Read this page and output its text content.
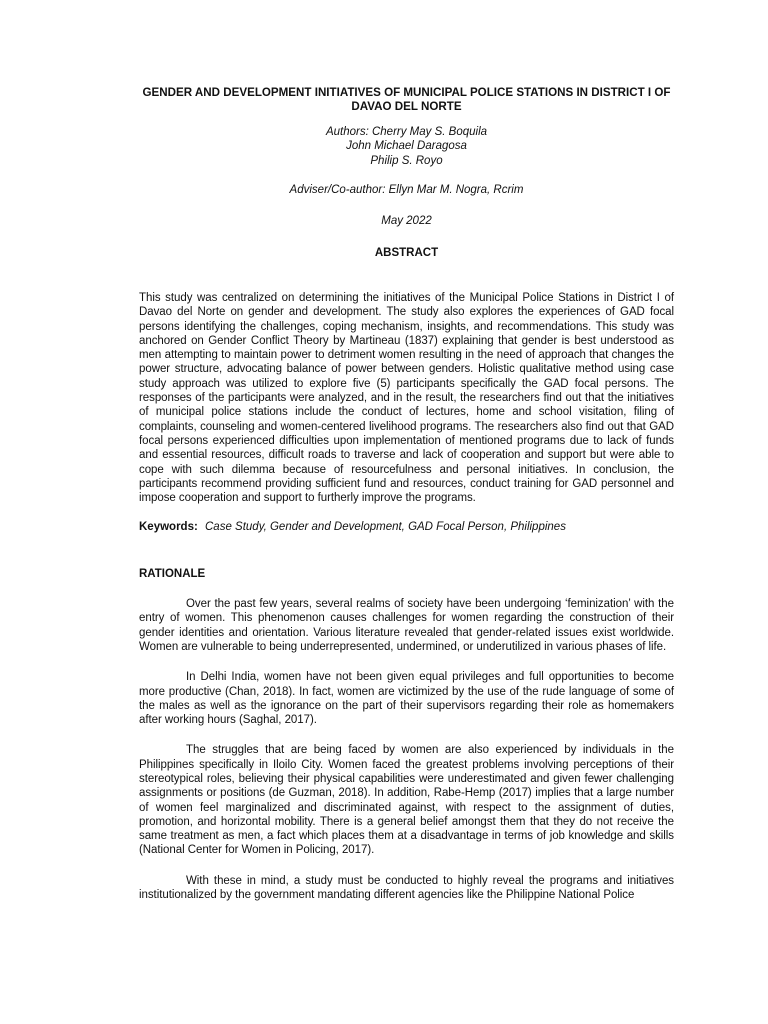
GENDER AND DEVELOPMENT INITIATIVES OF MUNICIPAL POLICE STATIONS IN DISTRICT I OF DAVAO DEL NORTE
Authors: Cherry May S. Boquila
John Michael Daragosa
Philip S. Royo
Adviser/Co-author: Ellyn Mar M. Nogra, Rcrim
May 2022
ABSTRACT
This study was centralized on determining the initiatives of the Municipal Police Stations in District I of Davao del Norte on gender and development. The study also explores the experiences of GAD focal persons identifying the challenges, coping mechanism, insights, and recommendations. This study was anchored on Gender Conflict Theory by Martineau (1837) explaining that gender is best understood as men attempting to maintain power to detriment women resulting in the need of approach that changes the power structure, advocating balance of power between genders. Holistic qualitative method using case study approach was utilized to explore five (5) participants specifically the GAD focal persons. The responses of the participants were analyzed, and in the result, the researchers find out that the initiatives of municipal police stations include the conduct of lectures, home and school visitation, filing of complaints, counseling and women-centered livelihood programs. The researchers also find out that GAD focal persons experienced difficulties upon implementation of mentioned programs due to lack of funds and essential resources, difficult roads to traverse and lack of cooperation and support but were able to cope with such dilemma because of resourcefulness and personal initiatives. In conclusion, the participants recommend providing sufficient fund and resources, conduct training for GAD personnel and impose cooperation and support to furtherly improve the programs.
Keywords: Case Study, Gender and Development, GAD Focal Person, Philippines
RATIONALE
Over the past few years, several realms of society have been undergoing ‘feminization’ with the entry of women. This phenomenon causes challenges for women regarding the construction of their gender identities and orientation. Various literature revealed that gender-related issues exist worldwide. Women are vulnerable to being underrepresented, undermined, or underutilized in various phases of life.
In Delhi India, women have not been given equal privileges and full opportunities to become more productive (Chan, 2018). In fact, women are victimized by the use of the rude language of some of the males as well as the ignorance on the part of their supervisors regarding their role as homemakers after working hours (Saghal, 2017).
The struggles that are being faced by women are also experienced by individuals in the Philippines specifically in Iloilo City. Women faced the greatest problems involving perceptions of their stereotypical roles, believing their physical capabilities were underestimated and given fewer challenging assignments or positions (de Guzman, 2018). In addition, Rabe-Hemp (2017) implies that a large number of women feel marginalized and discriminated against, with respect to the assignment of duties, promotion, and horizontal mobility. There is a general belief amongst them that they do not receive the same treatment as men, a fact which places them at a disadvantage in terms of job knowledge and skills (National Center for Women in Policing, 2017).
With these in mind, a study must be conducted to highly reveal the programs and initiatives institutionalized by the government mandating different agencies like the Philippine National Police
